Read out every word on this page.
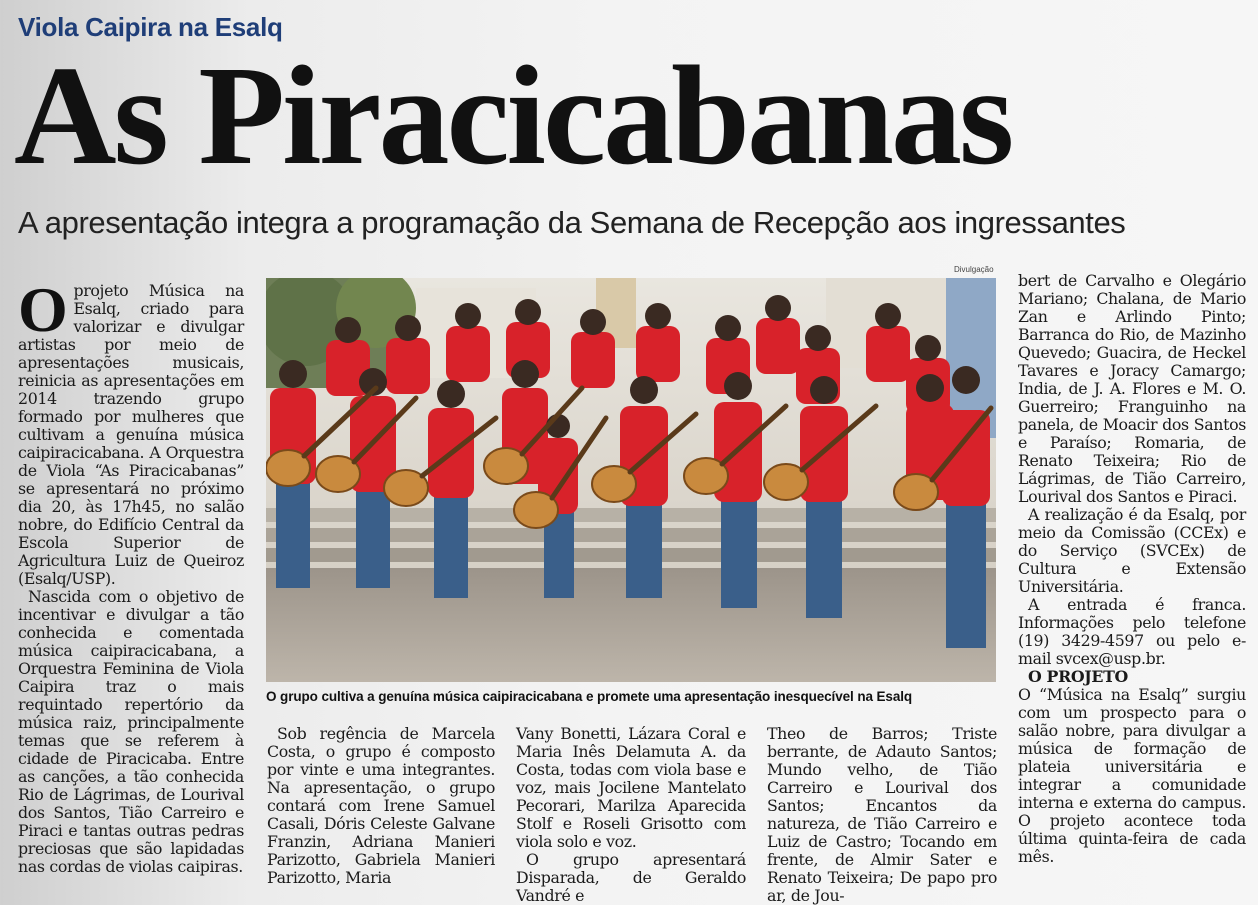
Viola Caipira na Esalq
As Piracicabanas
A apresentação integra a programação da Semana de Recepção aos ingressantes

Oprojeto Música na Esalq, criado para valorizar e divulgar artistas por meio de apresentações musicais, reinicia as apresentações em 2014 trazendo grupo formado por mulheres que cultivam a genuína música caipiracicabana. A Orquestra de Viola “As Piracicabanas” se apresentará no próximo dia 20, às 17h45, no salão nobre, do Edifício Central da Escola Superior de Agricultura Luiz de Queiroz (Esalq/USP).

Nascida com o objetivo de incentivar e divulgar a tão conhecida e comentada música caipiracicabana, a Orquestra Feminina de Viola Caipira traz o mais requintado repertório da música raiz, principalmente temas que se referem à cidade de Piracicaba. Entre as canções, a tão conhecida Rio de Lágrimas, de Lourival dos Santos, Tião Carreiro e Piraci e tantas outras pedras preciosas que são lapidadas nas cordas de violas caipiras.

Divulgação
O grupo cultiva a genuína música caipiracicabana e promete uma apresentação inesquecível na Esalq

Sob regência de Marcela Costa, o grupo é composto por vinte e uma integrantes. Na apresentação, o grupo contará com Irene Samuel Casali, Dóris Celeste Galvane Franzin, Adriana Manieri Parizotto, Gabriela Manieri Parizotto, Maria

Vany Bonetti, Lázara Coral e Maria Inês Delamuta A. da Costa, todas com viola base e voz, mais Jocilene Mantelato Pecorari, Marilza Aparecida Stolf e Roseli Grisotto com viola solo e voz.

O grupo apresentará Disparada, de Geraldo Vandré e

Theo de Barros; Triste berrante, de Adauto Santos; Mundo velho, de Tião Carreiro e Lourival dos Santos; Encantos da natureza, de Tião Carreiro e Luiz de Castro; Tocando em frente, de Almir Sater e Renato Teixeira; De papo pro ar, de Jou-

bert de Carvalho e Olegário Mariano; Chalana, de Mario Zan e Arlindo Pinto; Barranca do Rio, de Mazinho Quevedo; Guacira, de Heckel Tavares e Joracy Camargo; India, de J. A. Flores e M. O. Guerreiro; Franguinho na panela, de Moacir dos Santos e Paraíso; Romaria, de Renato Teixeira; Rio de Lágrimas, de Tião Carreiro, Lourival dos Santos e Piraci.

A realização é da Esalq, por meio da Comissão (CCEx) e do Serviço (SVCEx) de Cultura e Extensão Universitária.

A entrada é franca. Informações pelo telefone (19) 3429-4597 ou pelo e-mail svcex@usp.br.

O PROJETO

O “Música na Esalq” surgiu com um prospecto para o salão nobre, para divulgar a música de formação de plateia universitária e integrar a comunidade interna e externa do campus. O projeto acontece toda última quinta-feira de cada mês.
